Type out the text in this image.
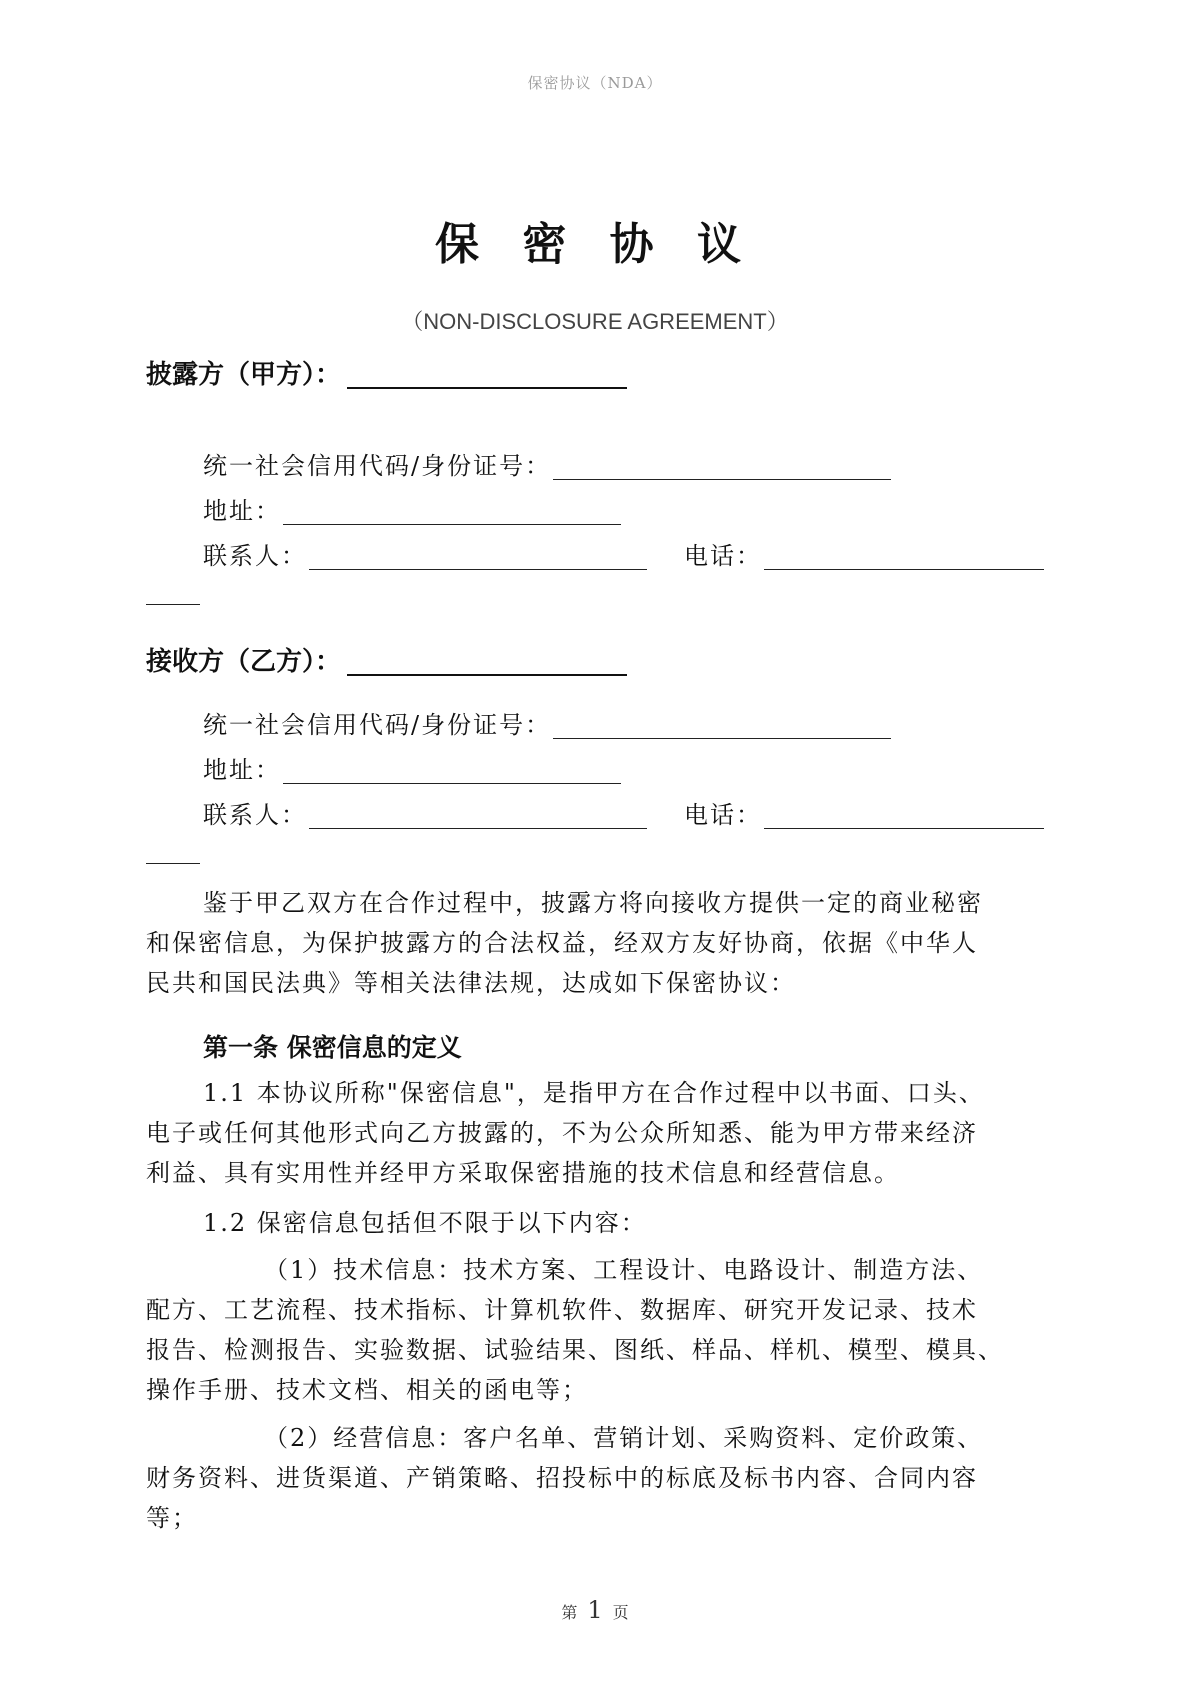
保密协议（NDA）
保 密 协 议
（NON-DISCLOSURE AGREEMENT）
披露方（甲方）：
统一社会信用代码/身份证号：
地址：
联系人：	电话：
接收方（乙方）：
统一社会信用代码/身份证号：
地址：
联系人：	电话：
鉴于甲乙双方在合作过程中，披露方将向接收方提供一定的商业秘密
和保密信息，为保护披露方的合法权益，经双方友好协商，依据《中华人
民共和国民法典》等相关法律法规，达成如下保密协议：
第一条 保密信息的定义
1.1 本协议所称"保密信息"，是指甲方在合作过程中以书面、口头、
电子或任何其他形式向乙方披露的，不为公众所知悉、能为甲方带来经济
利益、具有实用性并经甲方采取保密措施的技术信息和经营信息。
1.2 保密信息包括但不限于以下内容：
（1）技术信息：技术方案、工程设计、电路设计、制造方法、
配方、工艺流程、技术指标、计算机软件、数据库、研究开发记录、技术
报告、检测报告、实验数据、试验结果、图纸、样品、样机、模型、模具、
操作手册、技术文档、相关的函电等；
（2）经营信息：客户名单、营销计划、采购资料、定价政策、
财务资料、进货渠道、产销策略、招投标中的标底及标书内容、合同内容
等；
第 1 页
